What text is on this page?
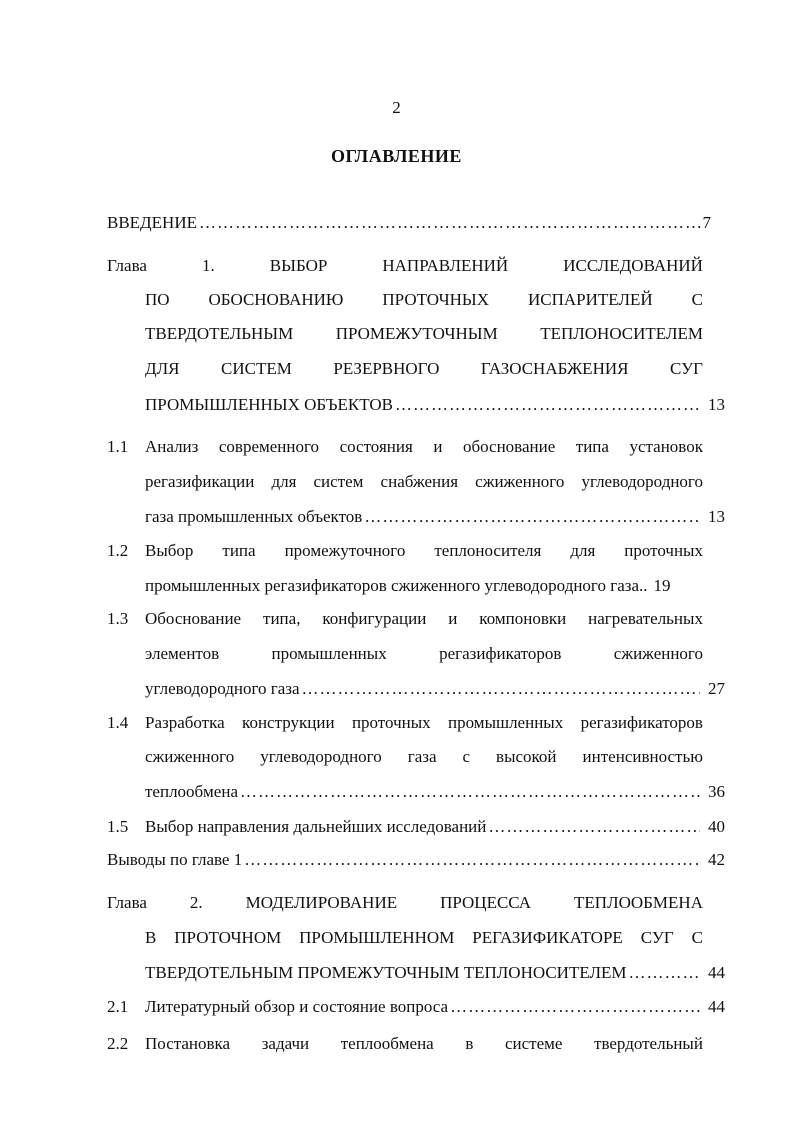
2
ОГЛАВЛЕНИЕ
ВВЕДЕНИЕ ……………………………………………………………………………………………………………………………………………………………………	7
Глава	1.	ВЫБОР	НАПРАВЛЕНИЙ	ИССЛЕДОВАНИЙ
ПО ОБОСНОВАНИЮ ПРОТОЧНЫХ ИСПАРИТЕЛЕЙ С
ТВЕРДОТЕЛЬНЫМ ПРОМЕЖУТОЧНЫМ ТЕПЛОНОСИТЕЛЕМ
ДЛЯ СИСТЕМ РЕЗЕРВНОГО ГАЗОСНАБЖЕНИЯ СУГ
ПРОМЫШЛЕННЫХ ОБЪЕКТОВ ……………………………………………………………………………………………………………………………………………………………………	13
1.1 Анализ современного состояния и обоснование типа установок
регазификации для систем снабжения сжиженного углеводородного
газа промышленных объектов ……………………………………………………………………………………………………………………………………………………………………	13
1.2 Выбор типа промежуточного теплоносителя для проточных
промышленных регазификаторов сжиженного углеводородного газа.. 19
1.3 Обоснование типа, конфигурации и компоновки нагревательных
элементов	промышленных	регазификаторов	сжиженного
углеводородного газа ……………………………………………………………………………………………………………………………………………………………………	27
1.4 Разработка конструкции проточных промышленных регазификаторов
сжиженного углеводородного газа с высокой интенсивностью
теплообмена ……………………………………………………………………………………………………………………………………………………………………	36
1.5 Выбор направления дальнейших исследований ……………………………………………………………………………………………………………………………………………………………………	40
Выводы по главе 1 ……………………………………………………………………………………………………………………………………………………………………	42
Глава	2.	МОДЕЛИРОВАНИЕ	ПРОЦЕССА	ТЕПЛООБМЕНА
В ПРОТОЧНОМ ПРОМЫШЛЕННОМ РЕГАЗИФИКАТОРЕ СУГ С
ТВЕРДОТЕЛЬНЫМ ПРОМЕЖУТОЧНЫМ ТЕПЛОНОСИТЕЛЕМ ……………………………………………………………………………………………………………………………………………………………………	44
2.1 Литературный обзор и состояние вопроса ……………………………………………………………………………………………………………………………………………………………………	44
2.2 Постановка задачи теплообмена в системе твердотельный
